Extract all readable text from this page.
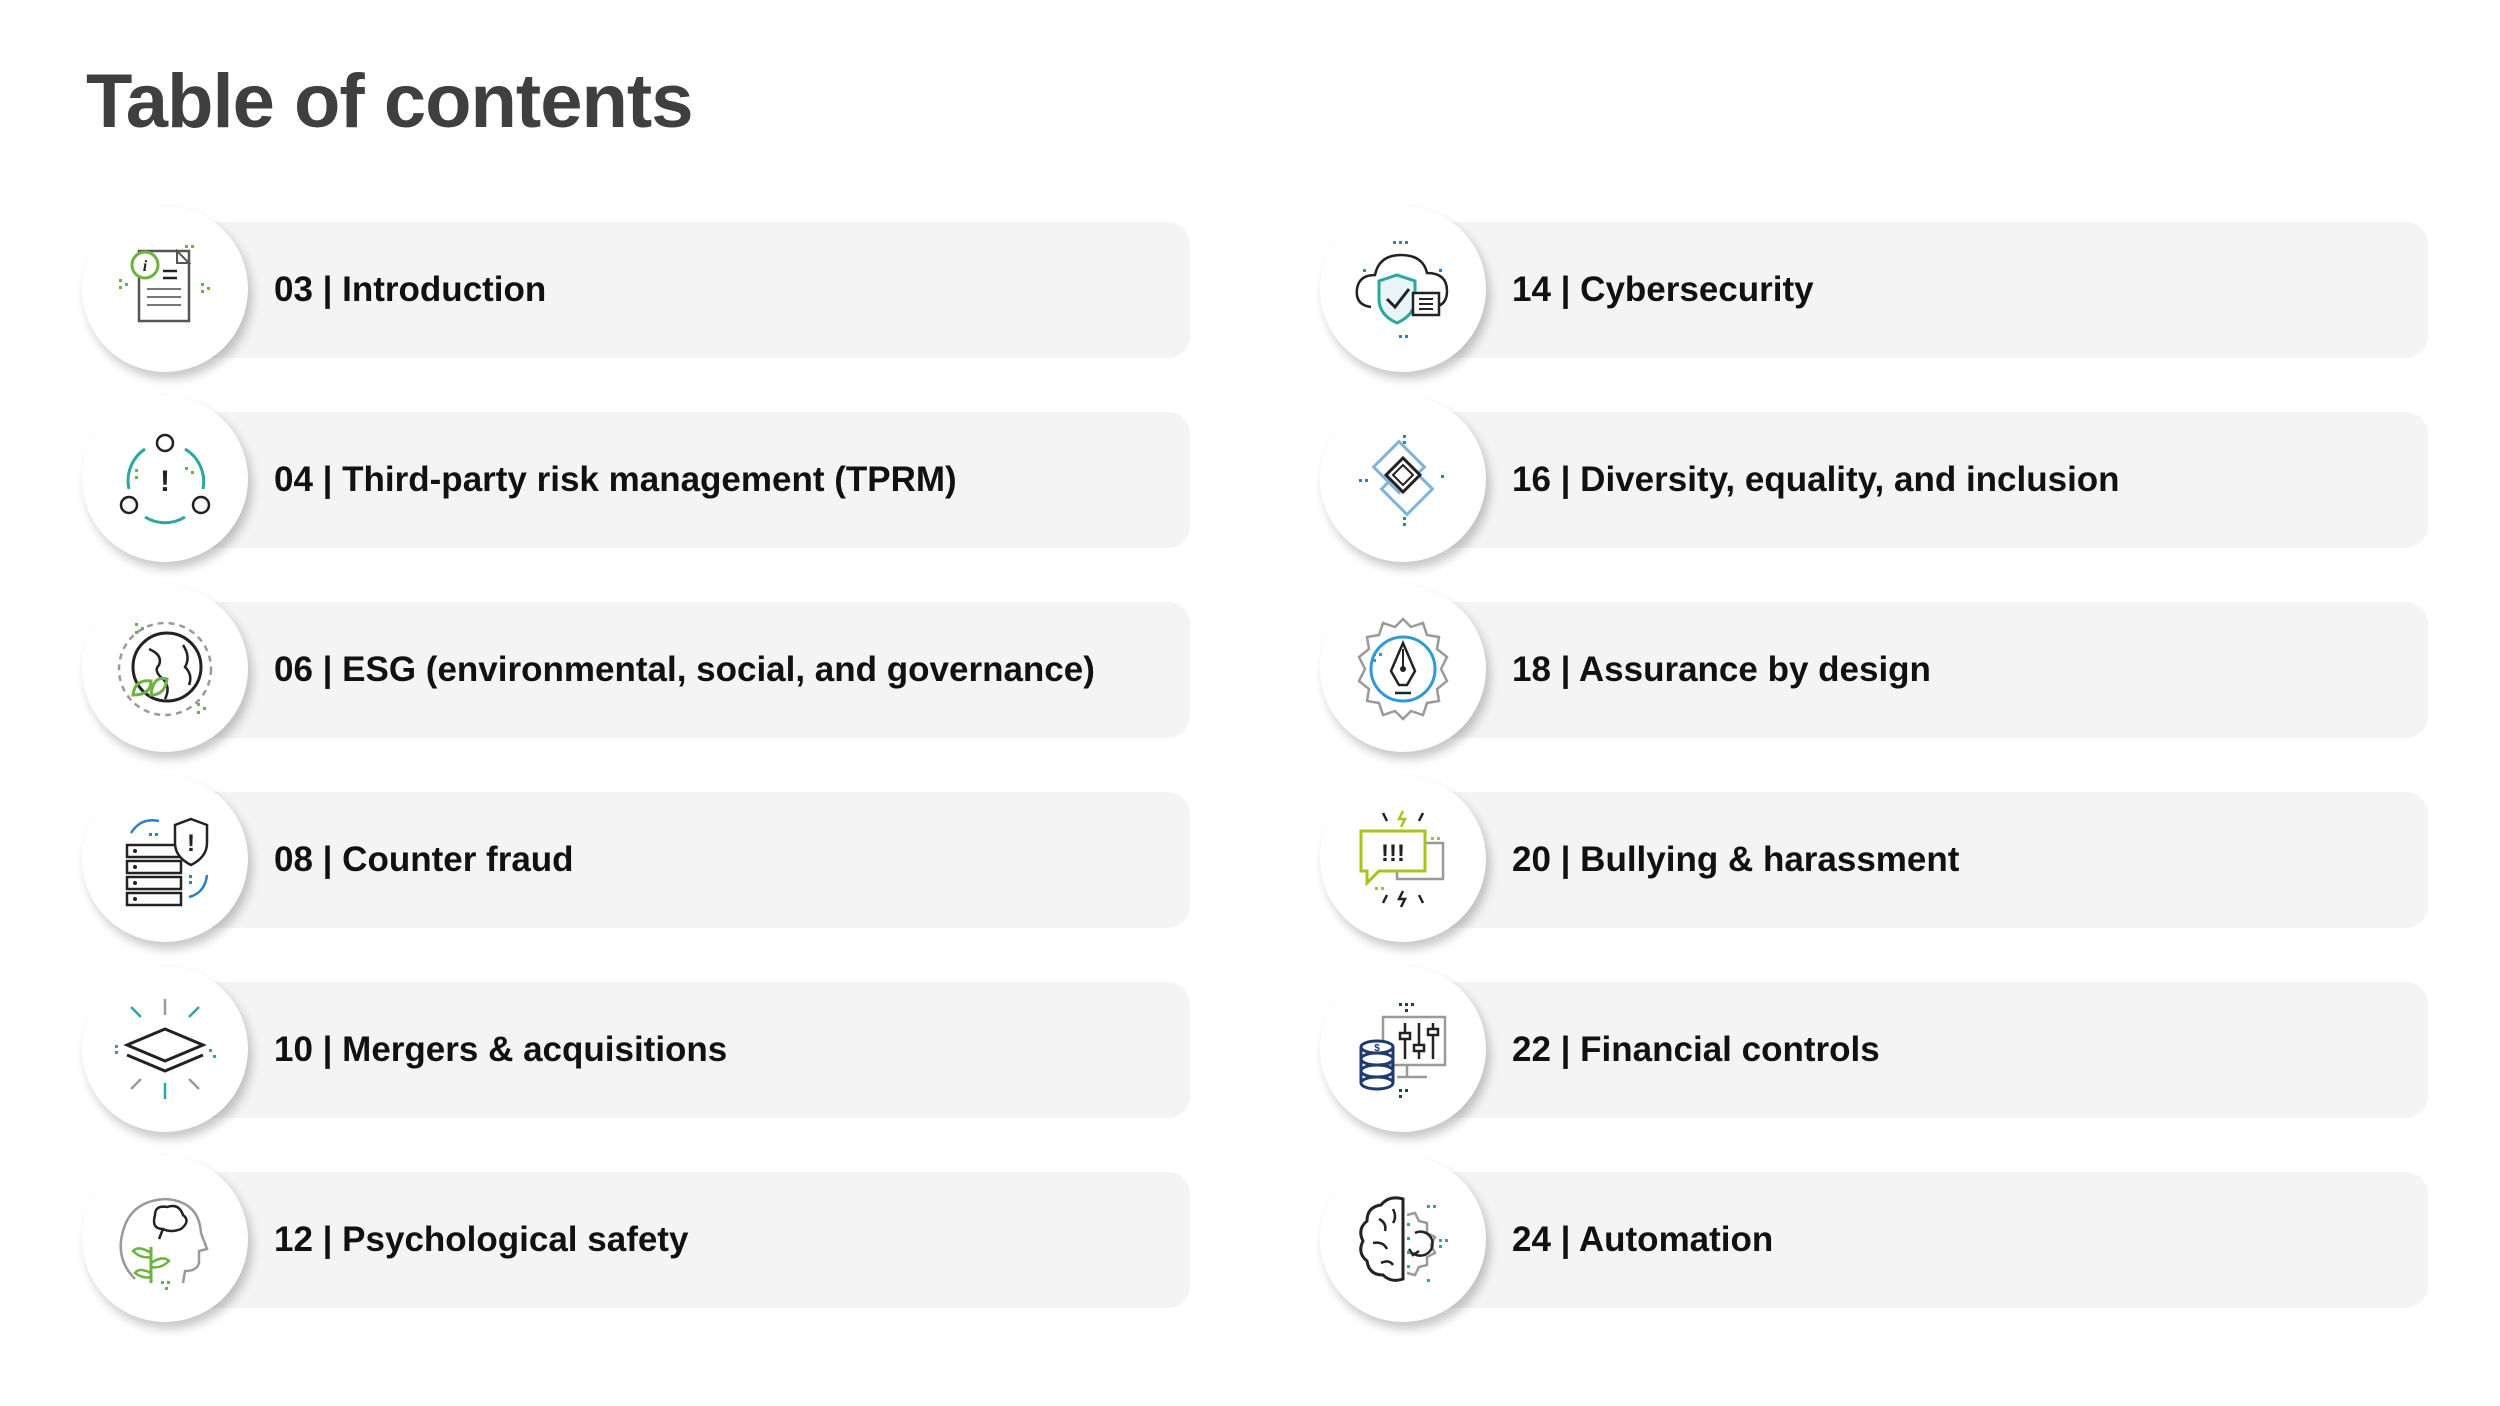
Table of contents
i
03 | Introduction
!	04 | Third-party risk management (TPRM)
06 | ESG (environmental, social, and governance)
! 08 | Counter fraud
10 | Mergers & acquisitions
12 | Psychological safety
14 | Cybersecurity
16 | Diversity, equality, and inclusion
18 | Assurance by design
!!!	20 | Bullying & harassment
$	22 | Financial controls
24 | Automation
